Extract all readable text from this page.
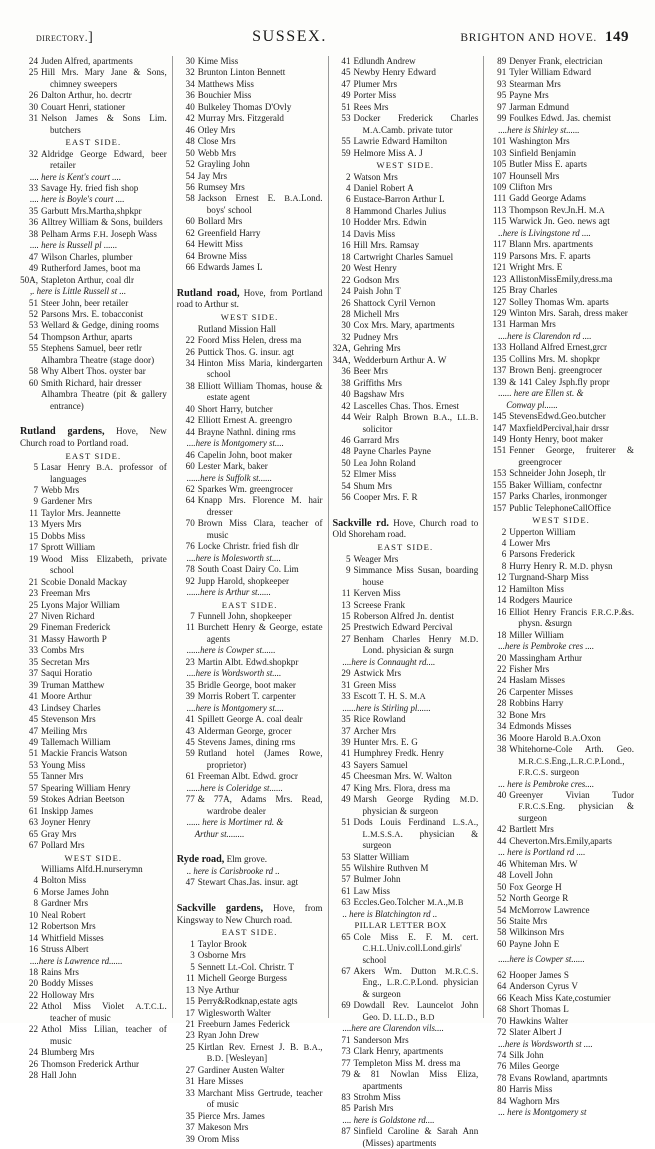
directory. ]	SUSSEX.	BRIGHTON AND HOVE. 149
24 Juden Alfred, apartments
25 Hill Mrs. Mary Jane & Sons, chimney sweepers
26 Dalton Arthur, ho. decrtr
30 Couart Henri, stationer
31 Nelson James & Sons Lim. butchers
EAST SIDE.
32 Aldridge George Edward, beer retailer
.... here is Kent's court ....
33 Savage Hy. fried fish shop
.... here is Boyle's court ....
35 Garbutt Mrs.Martha,shpkpr
36 Alltrey William & Sons, builders
38 Pelham Arms F.H. Joseph Wass
.... here is Russell pl ......
47 Wilson Charles, plumber
49 Rutherford James, boot ma
50A, Stapleton Arthur, coal dlr
,. here is Little Russell st ...
51 Steer John, beer retailer
52 Parsons Mrs. E. tobacconist
53 Wellard & Gedge, dining rooms
54 Thompson Arthur, aparts
55 Stephens Samuel, beer retlr
Alhambra Theatre (stage door)
58 Why Albert Thos. oyster bar
60 Smith Richard, hair dresser
Alhambra Theatre (pit & gallery entrance)
Rutland gardens, Hove, New Church road to Portland road.
EAST SIDE.
5 Lasar Henry B.A. professor of languages
7 Webb Mrs
9 Gardener Mrs
11 Taylor Mrs. Jeannette
13 Myers Mrs
15 Dobbs Miss
17 Sprott William
19 Wood Miss Elizabeth, private school
21 Scobie Donald Mackay
23 Freeman Mrs
25 Lyons Major William
27 Niven Richard
29 Fineman Frederick
31 Massy Haworth P
33 Combs Mrs
35 Secretan Mrs
37 Saqui Horatio
39 Truman Matthew
41 Moore Arthur
43 Lindsey Charles
45 Stevenson Mrs
47 Meiling Mrs
49 Tallemach William
51 Mackie Francis Watson
53 Young Miss
55 Tanner Mrs
57 Spearing William Henry
59 Stokes Adrian Beetson
61 Inskipp James
63 Joyner Henry
65 Gray Mrs
67 Pollard Mrs
WEST SIDE.
Williams Alfd.H.nurserymn
4 Bolton Miss
6 Morse James John
8 Gardner Mrs
10 Neal Robert
12 Robertson Mrs
14 Whitfield Misses
16 Struss Albert
....here is Lawrence rd......
18 Rains Mrs
20 Boddy Misses
22 Holloway Mrs
22 Athol Miss Violet A.T.C.L. teacher of music
22 Athol Miss Lilian, teacher of music
24 Blumberg Mrs
26 Thomson Frederick Arthur
28 Hall John
30 Kime Miss
32 Brunton Linton Bennett
34 Matthews Miss
36 Bouchier Miss
40 Bulkeley Thomas D'Ovly
42 Murray Mrs. Fitzgerald
46 Otley Mrs
48 Close Mrs
50 Webb Mrs
52 Grayling John
54 Jay Mrs
56 Rumsey Mrs
58 Jackson Ernest E. B.A.Lond. boys' school
60 Bollard Mrs
62 Greenfield Harry
64 Hewitt Miss
64 Browne Miss
66 Edwards James L
Rutland road, Hove, from Portland road to Arthur st.
WEST SIDE.
Rutland Mission Hall
22 Foord Miss Helen, dress ma
26 Puttick Thos. G. insur. agt
34 Hinton Miss Maria, kindergarten school
38 Elliott William Thomas, house & estate agent
40 Short Harry, butcher
42 Elliott Ernest A. greengro
44 Brayne Nathnl. dining rms
....here is Montgomery st....
46 Capelin John, boot maker
60 Lester Mark, baker
......here is Suffolk st......
62 Sparkes Wm. greengrocer
64 Knapp Mrs. Florence M. hair dresser
70 Brown Miss Clara, teacher of music
76 Locke Christr. fried fish dlr
....here is Molesworth st....
78 South Coast Dairy Co. Lim
92 Jupp Harold, shopkeeper
......here is Arthur st......
EAST SIDE.
7 Funnell John, shopkeeper
11 Burchett Henry & George, estate agents
......here is Cowper st......
23 Martin Albt. Edwd.shopkpr
....here is Wordsworth st....
35 Bridle George, boot maker
39 Morris Robert T. carpenter
....here is Montgomery st....
41 Spillett George A. coal dealr
43 Alderman George, grocer
45 Stevens James, dining rms
59 Rutland hotel (James Rowe, proprietor)
61 Freeman Albt. Edwd. grocr
......here is Coleridge st......
77 & 77A, Adams Mrs. Read, wardrobe dealer
...... here is Mortimer rd. &
Arthur st........
Ryde road, Elm grove.
.. here is Carisbrooke rd ..
47 Stewart Chas.Jas. insur. agt
Sackville gardens, Hove, from Kingsway to New Church road.
EAST SIDE.
1 Taylor Brook
3 Osborne Mrs
5 Sennett Lt.-Col. Christr. T
11 Michell George Burgess
13 Nye Arthur
15 Perry&Rodknap,estate agts
17 Wiglesworth Walter
21 Freeburn James Federick
23 Ryan John Drew
25 Kirtlan Rev. Ernest J. B. B.A., B.D. [Wesleyan]
27 Gardiner Austen Walter
31 Hare Misses
33 Marchant Miss Gertrude, teacher of music
35 Pierce Mrs. James
37 Makeson Mrs
39 Orom Miss
41 Edlundh Andrew
45 Newby Henry Edward
47 Plumer Mrs
49 Porter Miss
51 Rees Mrs
53 Docker Frederick Charles M.A.Camb. private tutor
55 Lawrie Edward Hamilton
59 Helmore Miss A. J
WEST SIDE.
2 Watson Mrs
4 Daniel Robert A
6 Eustace-Barron Arthur L
8 Hammond Charles Julius
10 Hodder Mrs. Edwin
14 Davis Miss
16 Hill Mrs. Ramsay
18 Cartwright Charles Samuel
20 West Henry
22 Godson Mrs
24 Paish John T
26 Shattock Cyril Vernon
28 Michell Mrs
30 Cox Mrs. Mary, apartments
32 Pudney Mrs
32A, Gehring Mrs
34A, Wedderburn Arthur A. W
36 Beer Mrs
38 Griffiths Mrs
40 Bagshaw Mrs
42 Lascelles Chas. Thos. Ernest
44 Weir Ralph Brown B.A., LL.B. solicitor
46 Garrard Mrs
48 Payne Charles Payne
50 Lea John Roland
52 Elmer Miss
54 Shum Mrs
56 Cooper Mrs. F. R
Sackville rd. Hove, Church road to Old Shoreham road.
EAST SIDE.
5 Weager Mrs
9 Simmance Miss Susan, boarding house
11 Kerven Miss
13 Screese Frank
15 Roberson Alfred Jn. dentist
25 Prestwich Edward Percival
27 Benham Charles Henry M.D. Lond. physician & surgn
....here is Connaught rd....
29 Astwick Mrs
31 Green Miss
33 Escott T. H. S. M.A
......here is Stirling pl......
35 Rice Rowland
37 Archer Mrs
39 Hunter Mrs. E. G
41 Humphrey Fredk. Henry
43 Sayers Samuel
45 Cheesman Mrs. W. Walton
47 King Mrs. Flora, dress ma
49 Marsh George Ryding M.D. physician & surgeon
51 Dods Louis Ferdinand L.S.A., L.M.S.S.A. physician & surgeon
53 Slatter William
55 Wilshire Ruthven M
57 Bulmer John
61 Law Miss
63 Eccles.Geo.Tolcher M.A.,M.B
.. here is Blatchington rd ..
PILLAR LETTER BOX
65 Cole Miss E. F. M. cert. C.H.L.Univ.coll.Lond.girls' school
67 Akers Wm. Dutton M.R.C.S. Eng., L.R.C.P.Lond. physician & surgeon
69 Dowdall Rev. Launcelot John Geo. D. LL.D., B.D
....here are Clarendon vils....
71 Sanderson Mrs
73 Clark Henry, apartments
77 Templeton Miss M. dress ma
79 & 81 Nowlan Miss Eliza, apartments
83 Strohm Miss
85 Parish Mrs
.... here is Goldstone rd....
87 Sinfield Caroline & Sarah Ann (Misses) apartments
89 Denyer Frank, electrician
91 Tyler William Edward
93 Stearman Mrs
95 Payne Mrs
97 Jarman Edmund
99 Foulkes Edwd. Jas. chemist
....here is Shirley st......
101 Washington Mrs
103 Sinfield Benjamin
105 Butler Miss E. aparts
107 Hounsell Mrs
109 Clifton Mrs
111 Gadd George Adams
113 Thompson Rev.Jn.H. M.A
115 Warwick Jn. Geo. news agt
..here is Livingstone rd ....
117 Blann Mrs. apartments
119 Parsons Mrs. F. aparts
121 Wright Mrs. E
123 AllistonMissEmily,dress.ma
125 Bray Charles
127 Solley Thomas Wm. aparts
129 Winton Mrs. Sarah, dress maker
131 Harman Mrs
....here is Clarendon rd ....
133 Holland Alfred Ernest,grcr
135 Collins Mrs. M. shopkpr
137 Brown Benj. greengrocer
139 & 141 Caley Jsph.fly propr
...... here are Ellen st. &
Conway pl......
145 StevensEdwd.Geo.butcher
147 MaxfieldPercival,hair drssr
149 Honty Henry, boot maker
151 Fenner George, fruiterer & greengrocer
153 Schneider John Joseph, tlr
155 Baker William, confectnr
157 Parks Charles, ironmonger
157 Public TelephoneCallOffice
WEST SIDE.
2 Upperton William
4 Lower Mrs
6 Parsons Frederick
8 Hurry Henry R. M.D. physn
12 Turgnand-Sharp Miss
12 Hamilton Miss
14 Rodgers Maurice
16 Elliot Henry Francis F.R.C.P.&s. physn. &surgn
18 Miller William
...here is Pembroke cres ....
20 Massingham Arthur
22 Fisher Mrs
24 Haslam Misses
26 Carpenter Misses
28 Robbins Harry
32 Bone Mrs
34 Edmonds Misses
36 Moore Harold B.A.Oxon
38 Whitehorne-Cole Arth. Geo. M.R.C.S.Eng.,L.R.C.P.Lond., F.R.C.S. surgeon
... here is Pembroke cres....
40 Greenyer Vivian Tudor F.R.C.S.Eng. physician & surgeon
42 Bartlett Mrs
44 Cheverton.Mrs.Emily,aparts
... here is Portland rd ....
46 Whiteman Mrs. W
48 Lovell John
50 Fox George H
52 North George R
54 McMorrow Lawrence
56 Staite Mrs
58 Wilkinson Mrs
60 Payne John E
.....here is Cowper st......
62 Hooper James S
64 Anderson Cyrus V
66 Keach Miss Kate,costumier
68 Short Thomas L
70 Hawkins Walter
72 Slater Albert J
...here is Wordsworth st ....
74 Silk John
76 Miles George
78 Evans Rowland, apartmnts
80 Harris Miss
84 Waghorn Mrs
... here is Montgomery st
